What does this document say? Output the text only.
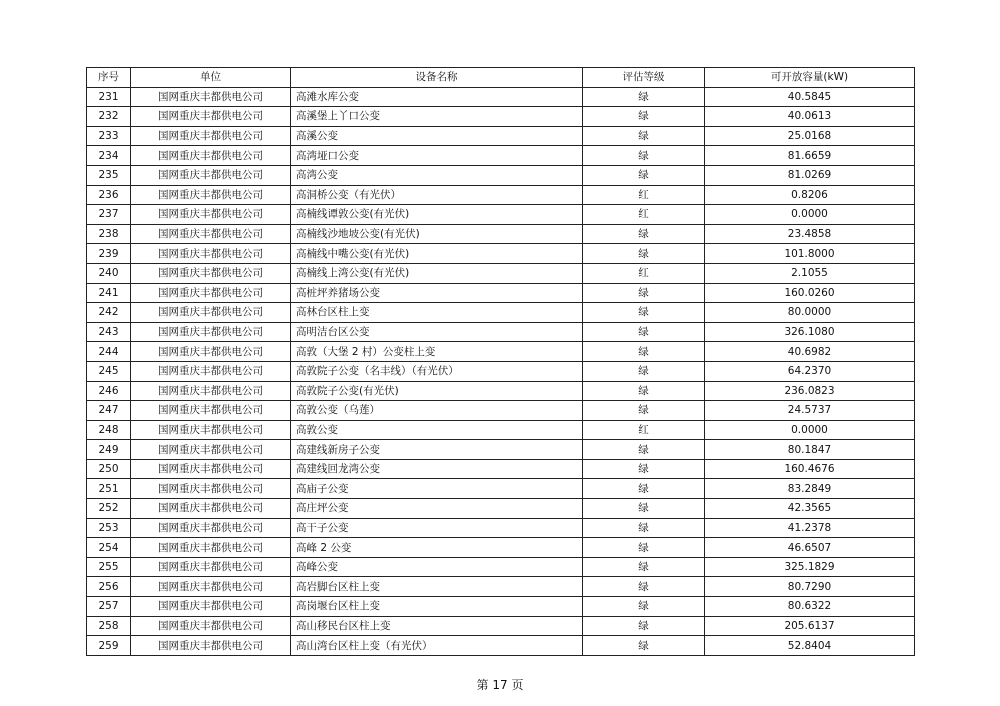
序号	单位	设备名称	评估等级	可开放容量(kW)
231	国网重庆丰都供电公司	高滩水库公变	绿	40.5845
232	国网重庆丰都供电公司	高溪堡上丫口公变	绿	40.0613
233	国网重庆丰都供电公司	高溪公变	绿	25.0168
234	国网重庆丰都供电公司	高湾垭口公变	绿	81.6659
235	国网重庆丰都供电公司	高湾公变	绿	81.0269
236	国网重庆丰都供电公司	高洞桥公变（有光伏）	红	0.8206
237	国网重庆丰都供电公司	高楠线谭敦公变(有光伏)	红	0.0000
238	国网重庆丰都供电公司	高楠线沙地坡公变(有光伏)	绿	23.4858
239	国网重庆丰都供电公司	高楠线中嘴公变(有光伏)	绿	101.8000
240	国网重庆丰都供电公司	高楠线上湾公变(有光伏)	红	2.1055
241	国网重庆丰都供电公司	高桩坪养猪场公变	绿	160.0260
242	国网重庆丰都供电公司	高林台区柱上变	绿	80.0000
243	国网重庆丰都供电公司	高明洁台区公变	绿	326.1080
244	国网重庆丰都供电公司	高敦（大堡 2 村）公变柱上变	绿	40.6982
245	国网重庆丰都供电公司	高敦院子公变（名丰线）（有光伏）	绿	64.2370
246	国网重庆丰都供电公司	高敦院子公变(有光伏)	绿	236.0823
247	国网重庆丰都供电公司	高敦公变（乌莲）	绿	24.5737
248	国网重庆丰都供电公司	高敦公变	红	0.0000
249	国网重庆丰都供电公司	高建线新房子公变	绿	80.1847
250	国网重庆丰都供电公司	高建线回龙湾公变	绿	160.4676
251	国网重庆丰都供电公司	高庙子公变	绿	83.2849
252	国网重庆丰都供电公司	高庄坪公变	绿	42.3565
253	国网重庆丰都供电公司	高干子公变	绿	41.2378
254	国网重庆丰都供电公司	高峰 2 公变	绿	46.6507
255	国网重庆丰都供电公司	高峰公变	绿	325.1829
256	国网重庆丰都供电公司	高岩脚台区柱上变	绿	80.7290
257	国网重庆丰都供电公司	高岗堰台区柱上变	绿	80.6322
258	国网重庆丰都供电公司	高山移民台区柱上变	绿	205.6137
259	国网重庆丰都供电公司	高山湾台区柱上变（有光伏）	绿	52.8404
第 17 页
